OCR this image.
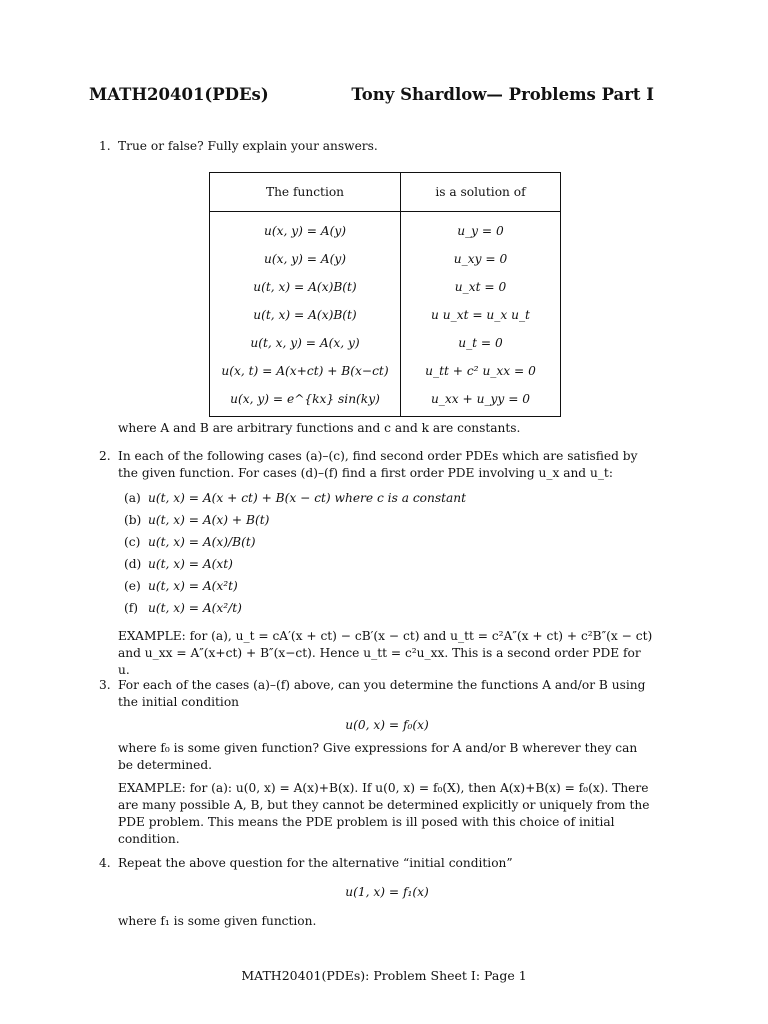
MATH20401(PDEs)	Tony Shardlow— Problems Part I
1. True or false? Fully explain your answers.
The function	is a solution of
u(x, y) = A(y)	u_y = 0
u(x, y) = A(y)	u_xy = 0
u(t, x) = A(x)B(t)	u_xt = 0
u(t, x) = A(x)B(t)	u u_xt = u_x u_t
u(t, x, y) = A(x, y)	u_t = 0
u(x, t) = A(x+ct) + B(x−ct)	u_tt + c² u_xx = 0
u(x, y) = e^{kx} sin(ky)	u_xx + u_yy = 0
where A and B are arbitrary functions and c and k are constants.
2. In each of the following cases (a)–(c), find second order PDEs which are satisfied by the given function. For cases (d)–(f) find a first order PDE involving u_x and u_t:
(a) u(t, x) = A(x + ct) + B(x − ct) where c is a constant
(b) u(t, x) = A(x) + B(t)
(c) u(t, x) = A(x)/B(t)
(d) u(t, x) = A(xt)
(e) u(t, x) = A(x²t)
(f) u(t, x) = A(x²/t)
EXAMPLE: for (a), u_t = cA′(x + ct) − cB′(x − ct) and u_tt = c²A″(x + ct) + c²B″(x − ct) and u_xx = A″(x+ct) + B″(x−ct). Hence u_tt = c²u_xx. This is a second order PDE for u.
3. For each of the cases (a)–(f) above, can you determine the functions A and/or B using the initial condition
u(0, x) = f₀(x)
where f₀ is some given function? Give expressions for A and/or B wherever they can be determined.
EXAMPLE: for (a): u(0, x) = A(x)+B(x). If u(0, x) = f₀(X), then A(x)+B(x) = f₀(x). There are many possible A, B, but they cannot be determined explicitly or uniquely from the PDE problem. This means the PDE problem is ill posed with this choice of initial condition.
4. Repeat the above question for the alternative “initial condition”
u(1, x) = f₁(x)
where f₁ is some given function.
MATH20401(PDEs): Problem Sheet I: Page 1
